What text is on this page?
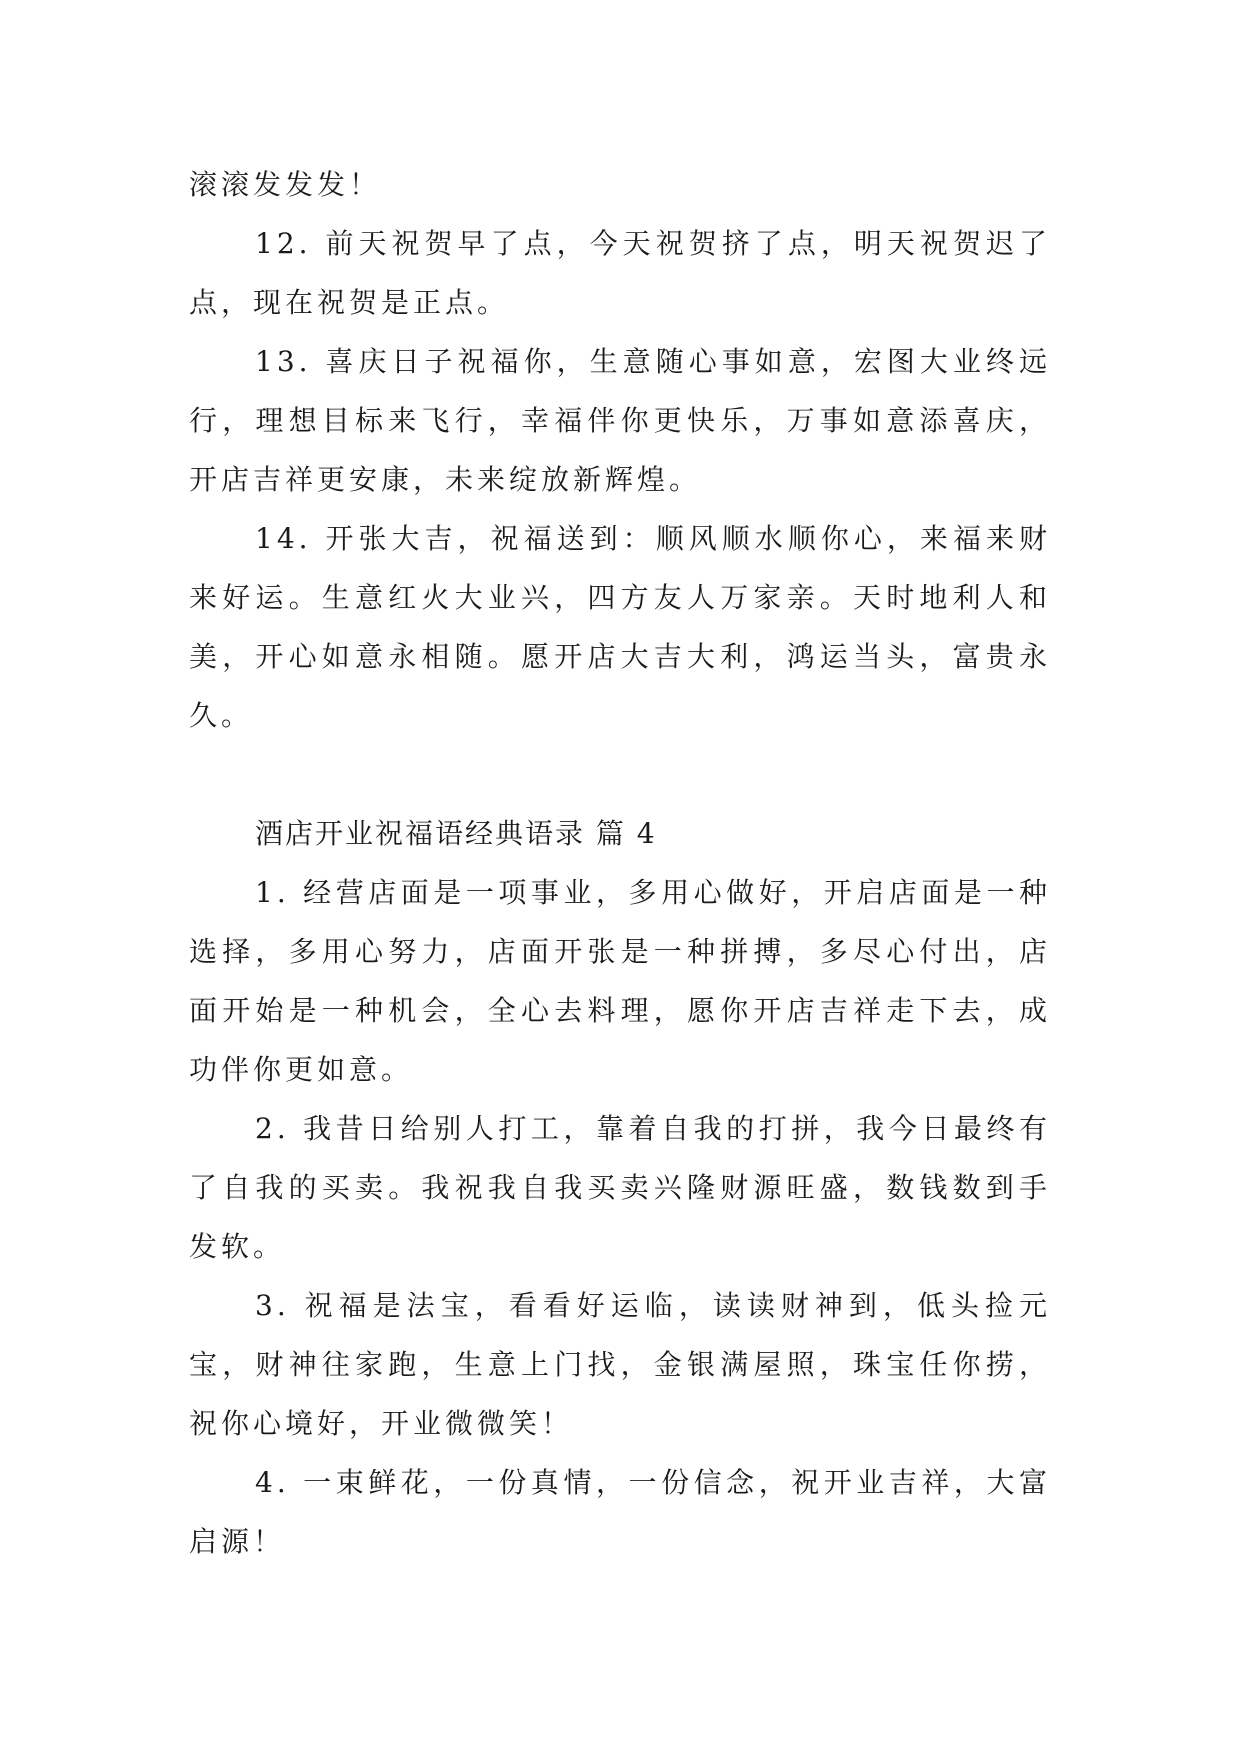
滚滚发发发！

12. 前天祝贺早了点，今天祝贺挤了点，明天祝贺迟了点，现在祝贺是正点。

13. 喜庆日子祝福你，生意随心事如意，宏图大业终远行，理想目标来飞行，幸福伴你更快乐，万事如意添喜庆，开店吉祥更安康，未来绽放新辉煌。

14. 开张大吉，祝福送到：顺风顺水顺你心，来福来财来好运。生意红火大业兴，四方友人万家亲。天时地利人和美，开心如意永相随。愿开店大吉大利，鸿运当头，富贵永久。

酒店开业祝福语经典语录 篇 4

1. 经营店面是一项事业，多用心做好，开启店面是一种选择，多用心努力，店面开张是一种拼搏，多尽心付出，店面开始是一种机会，全心去料理，愿你开店吉祥走下去，成功伴你更如意。

2. 我昔日给别人打工，靠着自我的打拼，我今日最终有了自我的买卖。我祝我自我买卖兴隆财源旺盛，数钱数到手发软。

3. 祝福是法宝，看看好运临，读读财神到，低头捡元宝，财神往家跑，生意上门找，金银满屋照，珠宝任你捞，祝你心境好，开业微微笑！

4. 一束鲜花，一份真情，一份信念，祝开业吉祥，大富启源！
